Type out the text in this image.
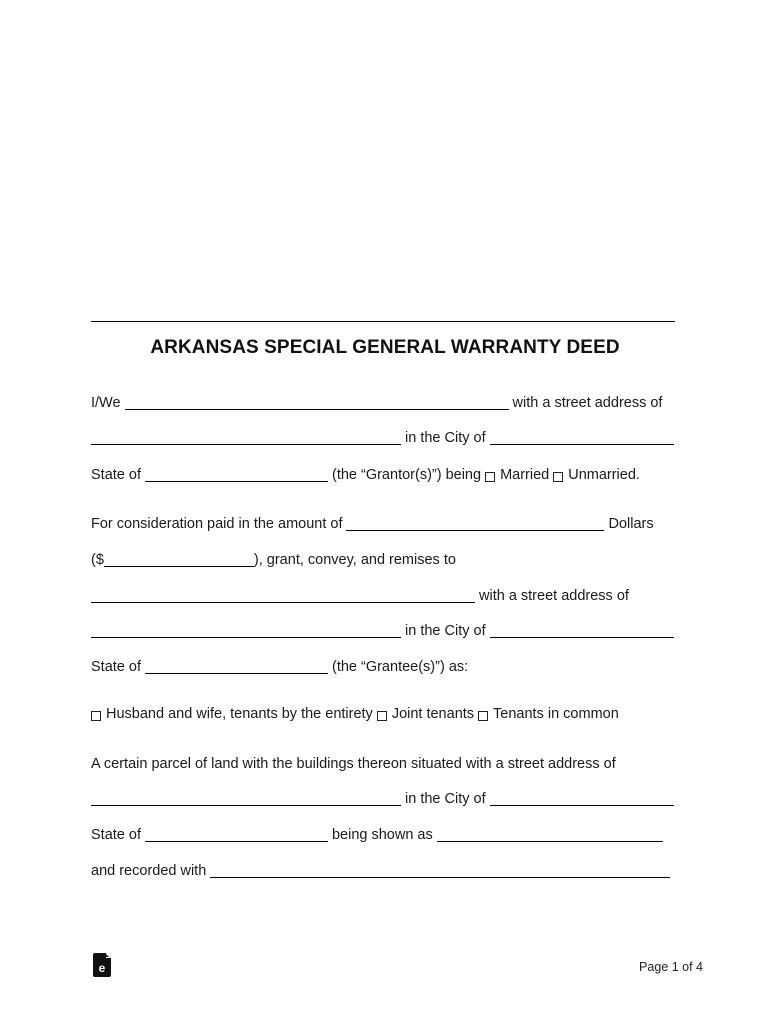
ARKANSAS SPECIAL GENERAL WARRANTY DEED
I/We	with a street address of
in the City of
State of	(the “Grantor(s)”) being Married Unmarried.
For consideration paid in the amount of	Dollars
($	), grant, convey, and remises to
with a street address of
in the City of
State of	(the “Grantee(s)”) as:
Husband and wife, tenants by the entirety Joint tenants Tenants in common
A certain parcel of land with the buildings thereon situated with a street address of
in the City of
State of	being shown as
and recorded with
e	Page 1 of 4
